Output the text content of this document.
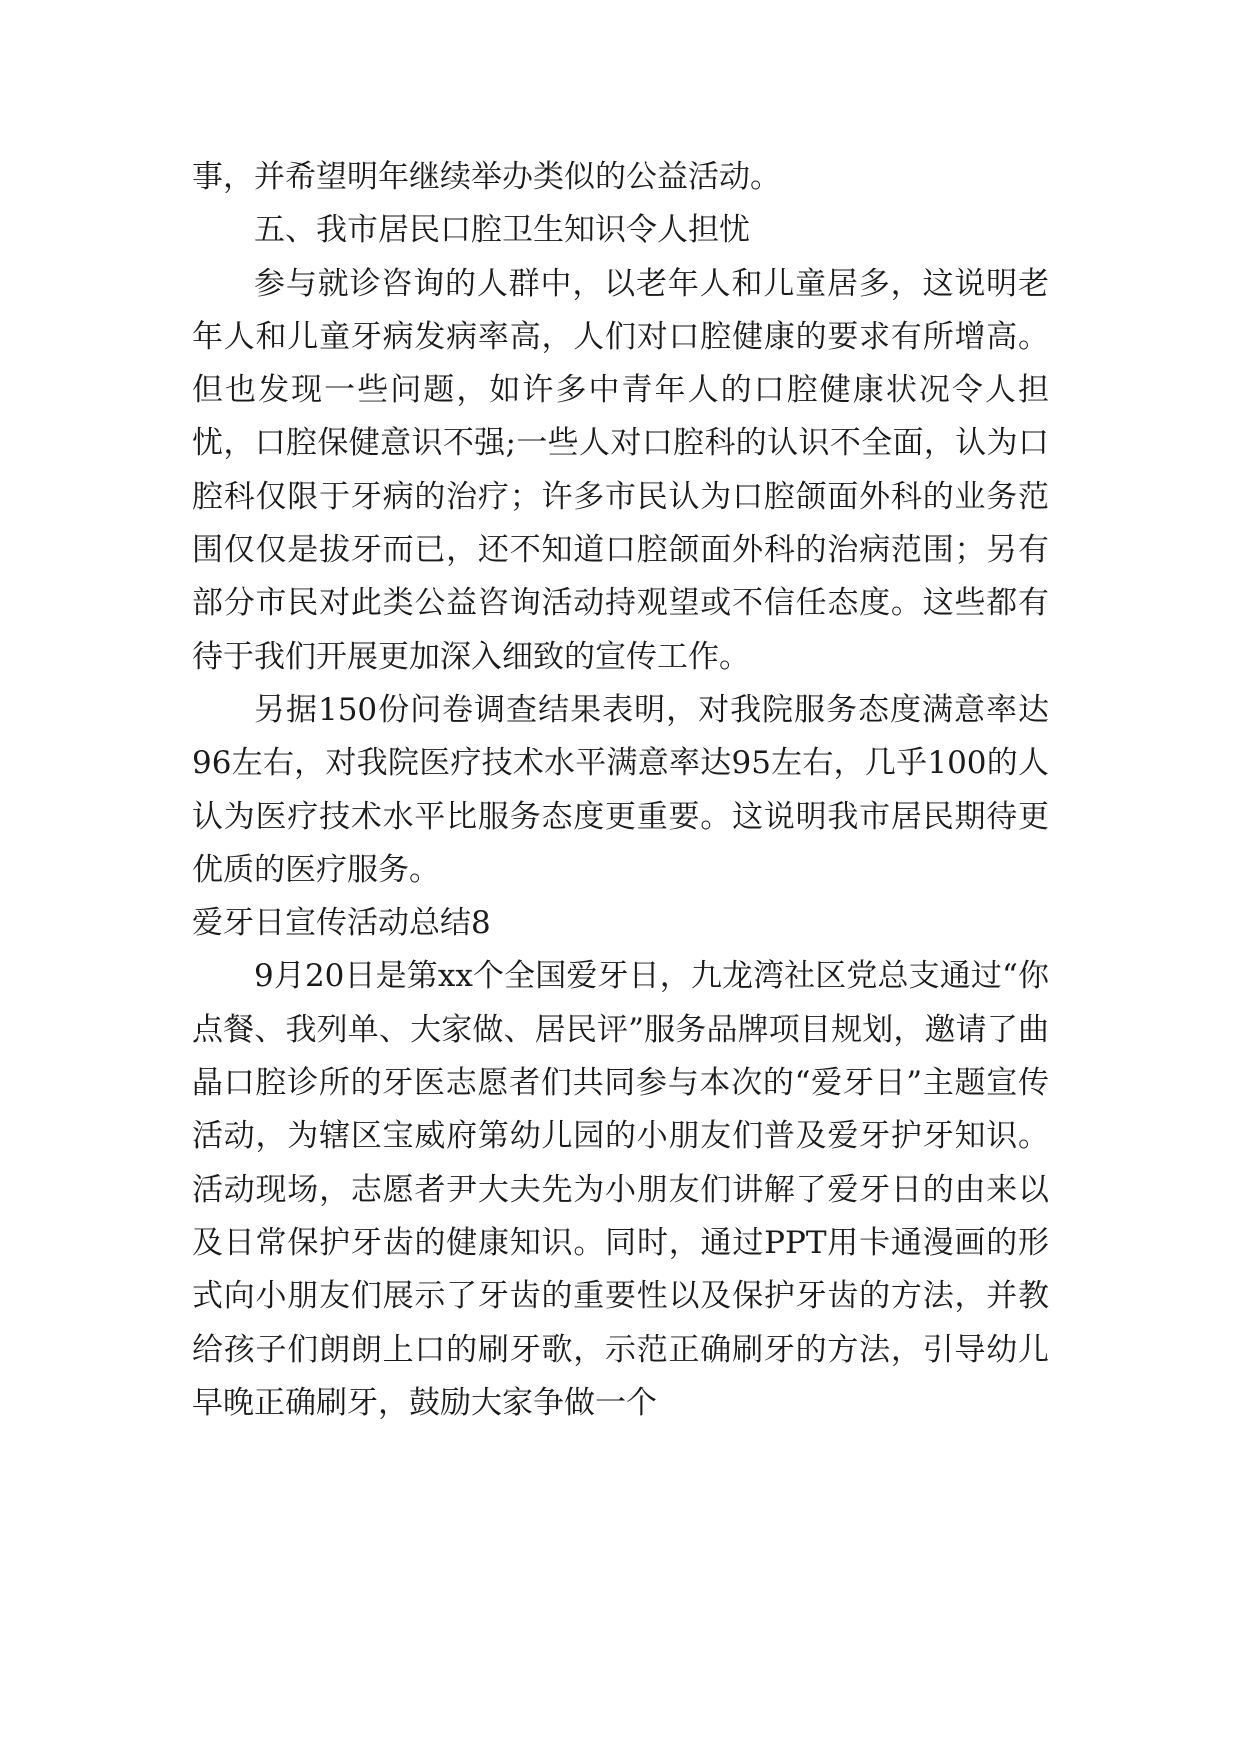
事，并希望明年继续举办类似的公益活动。

五、我市居民口腔卫生知识令人担忧

参与就诊咨询的人群中，以老年人和儿童居多，这说明老年人和儿童牙病发病率高，人们对口腔健康的要求有所增高。但也发现一些问题，如许多中青年人的口腔健康状况令人担忧，口腔保健意识不强;一些人对口腔科的认识不全面，认为口腔科仅限于牙病的治疗；许多市民认为口腔颌面外科的业务范围仅仅是拔牙而已，还不知道口腔颌面外科的治病范围；另有部分市民对此类公益咨询活动持观望或不信任态度。这些都有待于我们开展更加深入细致的宣传工作。

另据150份问卷调查结果表明，对我院服务态度满意率达96左右，对我院医疗技术水平满意率达95左右，几乎100的人认为医疗技术水平比服务态度更重要。这说明我市居民期待更优质的医疗服务。

爱牙日宣传活动总结8

9月20日是第xx个全国爱牙日，九龙湾社区党总支通过“你点餐、我列单、大家做、居民评”服务品牌项目规划，邀请了曲晶口腔诊所的牙医志愿者们共同参与本次的“爱牙日”主题宣传活动，为辖区宝威府第幼儿园的小朋友们普及爱牙护牙知识。活动现场，志愿者尹大夫先为小朋友们讲解了爱牙日的由来以及日常保护牙齿的健康知识。同时，通过PPT用卡通漫画的形式向小朋友们展示了牙齿的重要性以及保护牙齿的方法，并教给孩子们朗朗上口的刷牙歌，示范正确刷牙的方法，引导幼儿早晚正确刷牙，鼓励大家争做一个
